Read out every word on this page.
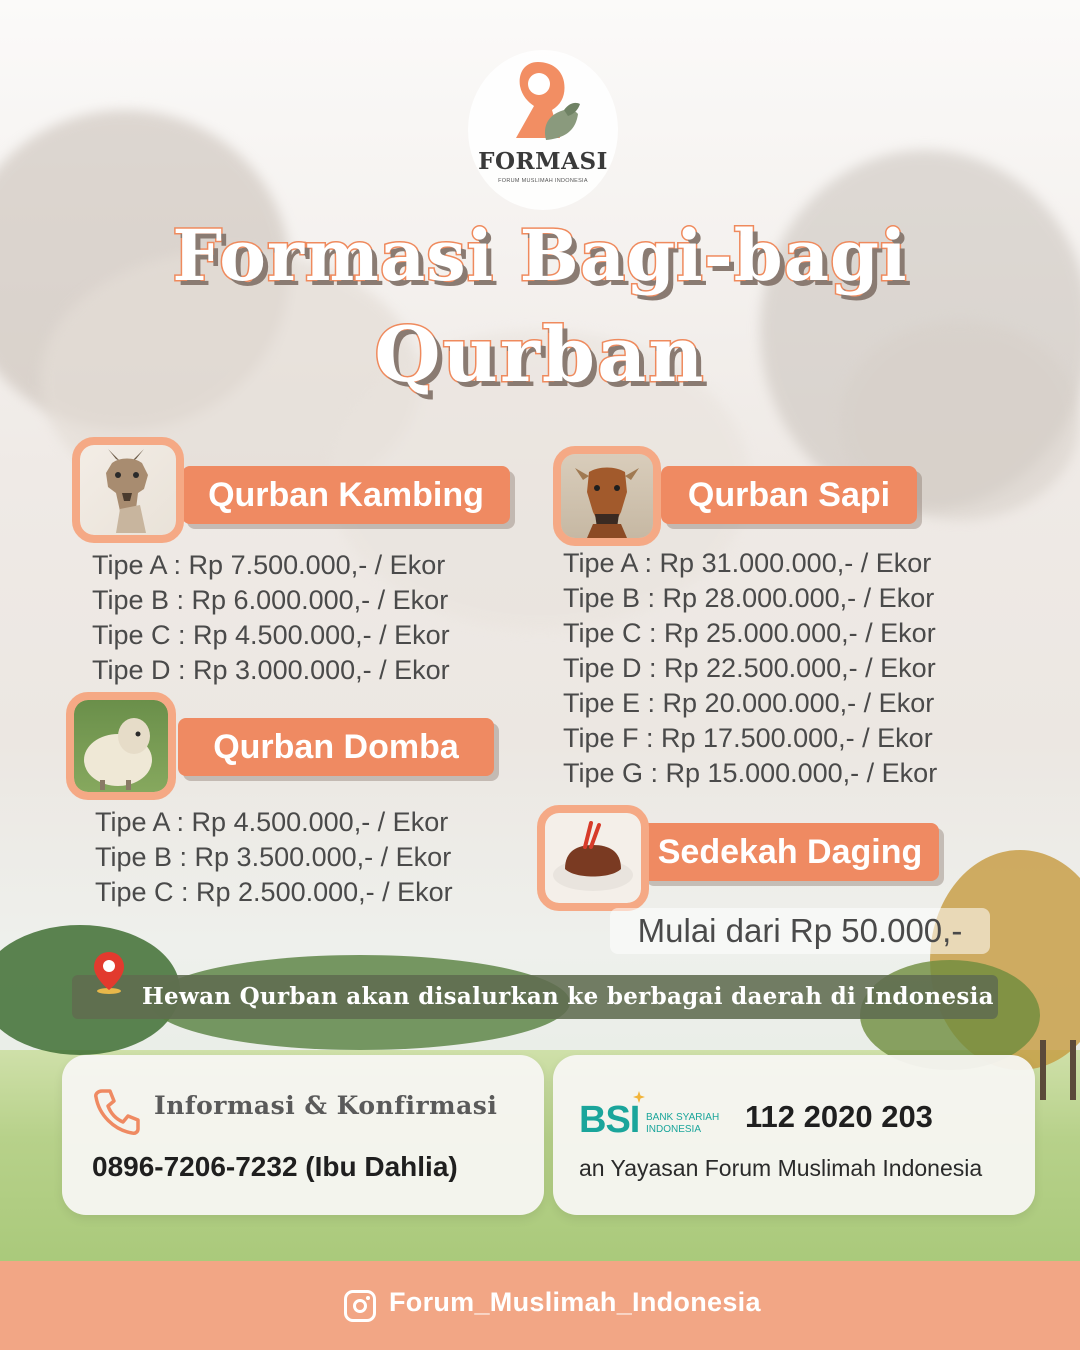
FORMASI
FORUM MUSLIMAH INDONESIA
Formasi Bagi-bagi
Qurban
Qurban Kambing
Tipe A : Rp 7.500.000,- / Ekor
Tipe B : Rp 6.000.000,- / Ekor
Tipe C : Rp 4.500.000,- / Ekor
Tipe D : Rp 3.000.000,- / Ekor
Qurban Domba
Tipe A : Rp 4.500.000,- / Ekor
Tipe B : Rp 3.500.000,- / Ekor
Tipe C : Rp 2.500.000,- / Ekor
Qurban Sapi
Tipe A : Rp 31.000.000,- / Ekor
Tipe B : Rp 28.000.000,- / Ekor
Tipe C : Rp 25.000.000,- / Ekor
Tipe D : Rp 22.500.000,- / Ekor
Tipe E : Rp 20.000.000,- / Ekor
Tipe F : Rp 17.500.000,- / Ekor
Tipe G : Rp 15.000.000,- / Ekor
Sedekah Daging
Mulai dari Rp 50.000,-
Hewan Qurban akan disalurkan ke berbagai daerah di Indonesia
Informasi & Konfirmasi
0896-7206-7232 (Ibu Dahlia)
BSI BANK SYARIAH
INDONESIA	112 2020 203
an Yayasan Forum Muslimah Indonesia
Forum_Muslimah_Indonesia
